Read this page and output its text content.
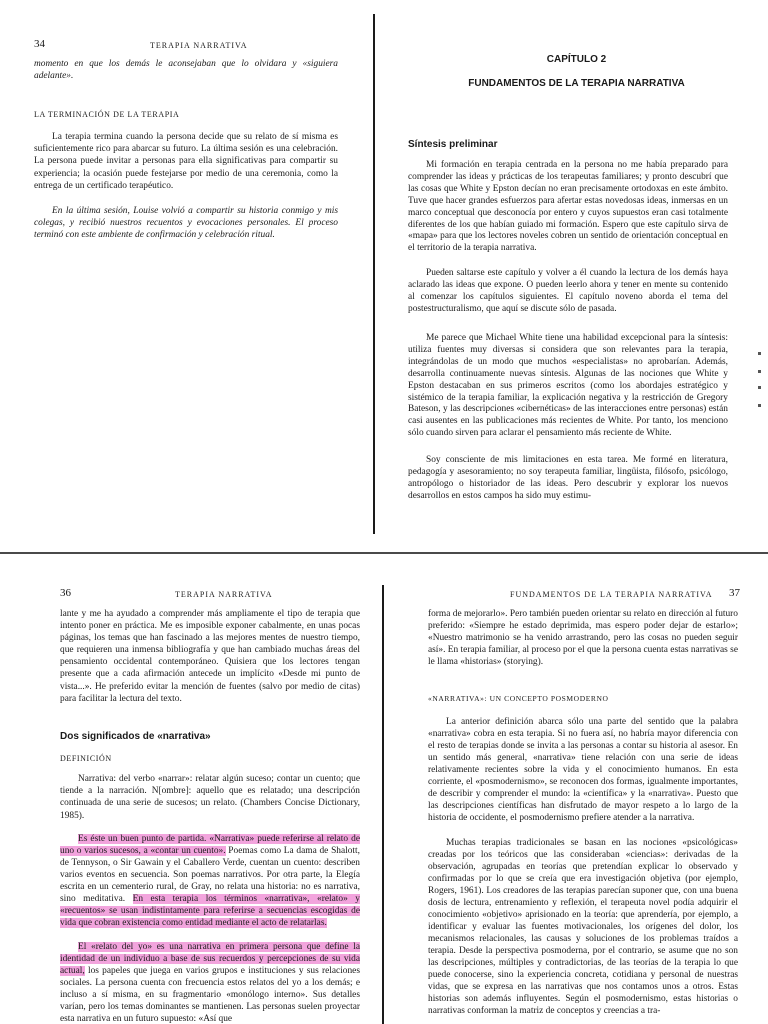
34	TERAPIA NARRATIVA

momento en que los demás le aconsejaban que lo olvidara y «siguiera adelante».

LA TERMINACIÓN DE LA TERAPIA

La terapia termina cuando la persona decide que su relato de sí misma es suficientemente rico para abarcar su futuro. La última sesión es una celebración. La persona puede invitar a personas para ella significativas para compartir su experiencia; la ocasión puede festejarse por medio de una ceremonia, como la entrega de un certificado terapéutico.

En la última sesión, Louise volvió a compartir su historia conmigo y mis colegas, y recibió nuestros recuentos y evocaciones personales. El proceso terminó con este ambiente de confirmación y celebración ritual.

CAPÍTULO 2
FUNDAMENTOS DE LA TERAPIA NARRATIVA
Síntesis preliminar

Mi formación en terapia centrada en la persona no me había preparado para comprender las ideas y prácticas de los terapeutas familiares; y pronto descubrí que las cosas que White y Epston decían no eran precisamente ortodoxas en este ámbito. Tuve que hacer grandes esfuerzos para afertar estas novedosas ideas, inmersas en un marco conceptual que desconocía por entero y cuyos supuestos eran casi totalmente diferentes de los que habían guiado mi formación. Espero que este capítulo sirva de «mapa» para que los lectores noveles cobren un sentido de orientación conceptual en el territorio de la terapia narrativa.

Pueden saltarse este capítulo y volver a él cuando la lectura de los demás haya aclarado las ideas que expone. O pueden leerlo ahora y tener en mente su contenido al comenzar los capítulos siguientes. El capítulo noveno aborda el tema del postestructuralismo, que aquí se discute sólo de pasada.

Me parece que Michael White tiene una habilidad excepcional para la síntesis: utiliza fuentes muy diversas si considera que son relevantes para la terapia, integrándolas de un modo que muchos «especialistas» no aprobarían. Además, desarrolla continuamente nuevas síntesis. Algunas de las nociones que White y Epston destacaban en sus primeros escritos (como los abordajes estratégico y sistémico de la terapia familiar, la explicación negativa y la restricción de Gregory Bateson, y las descripciones «cibernéticas» de las interacciones entre personas) están casi ausentes en las publicaciones más recientes de White. Por tanto, los menciono sólo cuando sirven para aclarar el pensamiento más reciente de White.

Soy consciente de mis limitaciones en esta tarea. Me formé en literatura, pedagogía y asesoramiento; no soy terapeuta familiar, lingüista, filósofo, psicólogo, antropólogo o historiador de las ideas. Pero descubrir y explorar los nuevos desarrollos en estos campos ha sido muy estimu-

36	TERAPIA NARRATIVA

lante y me ha ayudado a comprender más ampliamente el tipo de terapia que intento poner en práctica. Me es imposible exponer cabalmente, en unas pocas páginas, los temas que han fascinado a las mejores mentes de nuestro tiempo, que requieren una inmensa bibliografía y que han cambiado muchas áreas del pensamiento occidental contemporáneo. Quisiera que los lectores tengan presente que a cada afirmación antecede un implícito «Desde mi punto de vista...». He preferido evitar la mención de fuentes (salvo por medio de citas) para facilitar la lectura del texto.

Dos significados de «narrativa»
DEFINICIÓN

Narrativa: del verbo «narrar»: relatar algún suceso; contar un cuento; que tiende a la narración. N[ombre]: aquello que es relatado; una descripción continuada de una serie de sucesos; un relato. (Chambers Concise Dictionary, 1985).

Es éste un buen punto de partida. «Narrativa» puede referirse al relato de uno o varios sucesos, a «contar un cuento». Poemas como La dama de Shalott, de Tennyson, o Sir Gawain y el Caballero Verde, cuentan un cuento: describen varios eventos en secuencia. Son poemas narrativos. Por otra parte, la Elegía escrita en un cementerio rural, de Gray, no relata una historia: no es narrativa, sino meditativa. En esta terapia los términos «narrativa», «relato» y «recuentos» se usan indistintamente para referirse a secuencias escogidas de vida que cobran existencia como entidad mediante el acto de relatarlas.

El «relato del yo» es una narrativa en primera persona que define la identidad de un individuo a base de sus recuerdos y percepciones de su vida actual, los papeles que juega en varios grupos e instituciones y sus relaciones sociales. La persona cuenta con frecuencia estos relatos del yo a los demás; e incluso a sí misma, en su fragmentario «monólogo interno». Sus detalles varían, pero los temas dominantes se mantienen. Las personas suelen proyectar esta narrativa en un futuro supuesto: «Así que

FUNDAMENTOS DE LA TERAPIA NARRATIVA 37

forma de mejorarlo». Pero también pueden orientar su relato en dirección al futuro preferido: «Siempre he estado deprimida, mas espero poder dejar de estarlo»; «Nuestro matrimonio se ha venido arrastrando, pero las cosas no pueden seguir así». En terapia familiar, al proceso por el que la persona cuenta estas narrativas se le llama «historias» (storying).

«NARRATIVA»: UN CONCEPTO POSMODERNO

La anterior definición abarca sólo una parte del sentido que la palabra «narrativa» cobra en esta terapia. Si no fuera así, no habría mayor diferencia con el resto de terapias donde se invita a las personas a contar su historia al asesor. En un sentido más general, «narrativa» tiene relación con una serie de ideas relativamente recientes sobre la vida y el conocimiento humanos. En esta corriente, el «posmodernismo», se reconocen dos formas, igualmente importantes, de describir y comprender el mundo: la «científica» y la «narrativa». Puesto que las descripciones científicas han disfrutado de mayor respeto a lo largo de la historia de occidente, el posmodernismo prefiere atender a la narrativa.

Muchas terapias tradicionales se basan en las nociones «psicológicas» creadas por los teóricos que las consideraban «ciencias»: derivadas de la observación, agrupadas en teorías que pretendían explicar lo observado y confirmadas por lo que se creía que era investigación objetiva (por ejemplo, Rogers, 1961). Los creadores de las terapias parecían suponer que, con una buena dosis de lectura, entrenamiento y reflexión, el terapeuta novel podía adquirir el conocimiento «objetivo» aprisionado en la teoría: que aprendería, por ejemplo, a identificar y evaluar las fuentes motivacionales, los orígenes del dolor, los mecanismos relacionales, las causas y soluciones de los problemas traídos a terapia. Desde la perspectiva posmoderna, por el contrario, se asume que no son las descripciones, múltiples y contradictorias, de las teorías de la terapia lo que puede conocerse, sino la experiencia concreta, cotidiana y personal de nuestras vidas, que se expresa en las narrativas que nos contamos unos a otros. Estas historias son además influyentes. Según el posmodernismo, estas historias o narrativas conforman la matriz de conceptos y creencias a tra-
